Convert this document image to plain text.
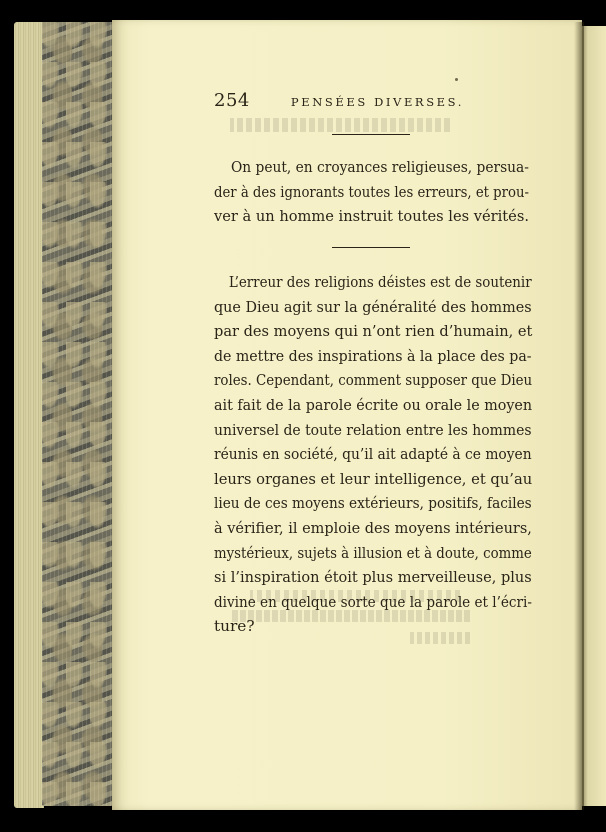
254	PENSÉES DIVERSES.
On peut, en croyances religieuses, persua-
der à des ignorants toutes les erreurs, et prou-
ver à un homme instruit toutes les vérités.
L’erreur des religions déistes est de soutenir
que Dieu agit sur la généralité des hommes
par des moyens qui n’ont rien d’humain, et
de mettre des inspirations à la place des pa-
roles. Cependant, comment supposer que Dieu
ait fait de la parole écrite ou orale le moyen
universel de toute relation entre les hommes
réunis en société, qu’il ait adapté à ce moyen
leurs organes et leur intelligence, et qu’au
lieu de ces moyens extérieurs, positifs, faciles
à vérifier, il emploie des moyens intérieurs,
mystérieux, sujets à illusion et à doute, comme
si l’inspiration étoit plus merveilleuse, plus
divine en quelque sorte que la parole et l’écri-
ture?
